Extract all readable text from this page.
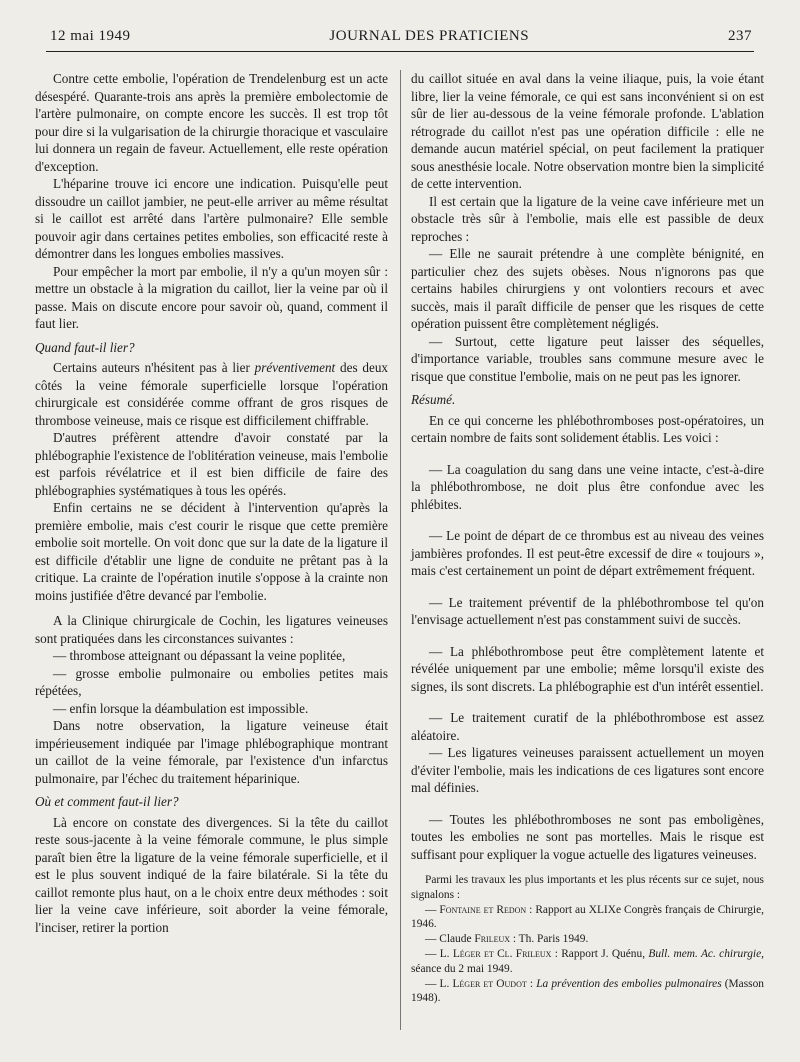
12 mai 1949	JOURNAL DES PRATICIENS	237

Contre cette embolie, l'opération de Trendelenburg est un acte désespéré. Quarante-trois ans après la première embolectomie de l'artère pulmonaire, on compte encore les succès. Il est trop tôt pour dire si la vulgarisation de la chirurgie thoracique et vasculaire lui donnera un regain de faveur. Actuellement, elle reste opération d'exception.

L'héparine trouve ici encore une indication. Puisqu'elle peut dissoudre un caillot jambier, ne peut-elle arriver au même résultat si le caillot est arrêté dans l'artère pulmonaire? Elle semble pouvoir agir dans certaines petites embolies, son efficacité reste à démontrer dans les longues embolies massives.

Pour empêcher la mort par embolie, il n'y a qu'un moyen sûr : mettre un obstacle à la migration du caillot, lier la veine par où il passe. Mais on discute encore pour savoir où, quand, comment il faut lier.

Quand faut-il lier?

Certains auteurs n'hésitent pas à lier préventivement des deux côtés la veine fémorale superficielle lorsque l'opération chirurgicale est considérée comme offrant de gros risques de thrombose veineuse, mais ce risque est difficilement chiffrable.

D'autres préfèrent attendre d'avoir constaté par la phlébographie l'existence de l'oblitération veineuse, mais l'embolie est parfois révélatrice et il est bien difficile de faire des phlébographies systématiques à tous les opérés.

Enfin certains ne se décident à l'intervention qu'après la première embolie, mais c'est courir le risque que cette première embolie soit mortelle. On voit donc que sur la date de la ligature il est difficile d'établir une ligne de conduite ne prêtant pas à la critique. La crainte de l'opération inutile s'oppose à la crainte non moins justifiée d'être devancé par l'embolie.

A la Clinique chirurgicale de Cochin, les ligatures veineuses sont pratiquées dans les circonstances suivantes :

— thrombose atteignant ou dépassant la veine poplitée,

— grosse embolie pulmonaire ou embolies petites mais répétées,

— enfin lorsque la déambulation est impossible.

Dans notre observation, la ligature veineuse était impérieusement indiquée par l'image phlébographique montrant un caillot de la veine fémorale, par l'existence d'un infarctus pulmonaire, par l'échec du traitement héparinique.

Où et comment faut-il lier?

Là encore on constate des divergences. Si la tête du caillot reste sous-jacente à la veine fémorale commune, le plus simple paraît bien être la ligature de la veine fémorale superficielle, et il est le plus souvent indiqué de la faire bilatérale. Si la tête du caillot remonte plus haut, on a le choix entre deux méthodes : soit lier la veine cave inférieure, soit aborder la veine fémorale, l'inciser, retirer la portion

du caillot située en aval dans la veine iliaque, puis, la voie étant libre, lier la veine fémorale, ce qui est sans inconvénient si on est sûr de lier au-dessous de la veine fémorale profonde. L'ablation rétrograde du caillot n'est pas une opération difficile : elle ne demande aucun matériel spécial, on peut facilement la pratiquer sous anesthésie locale. Notre observation montre bien la simplicité de cette intervention.

Il est certain que la ligature de la veine cave inférieure met un obstacle très sûr à l'embolie, mais elle est passible de deux reproches :

— Elle ne saurait prétendre à une complète bénignité, en particulier chez des sujets obèses. Nous n'ignorons pas que certains habiles chirurgiens y ont volontiers recours et avec succès, mais il paraît difficile de penser que les risques de cette opération puissent être complètement négligés.

— Surtout, cette ligature peut laisser des séquelles, d'importance variable, troubles sans commune mesure avec le risque que constitue l'embolie, mais on ne peut pas les ignorer.

Résumé.

En ce qui concerne les phlébothromboses post-opératoires, un certain nombre de faits sont solidement établis. Les voici :

— La coagulation du sang dans une veine intacte, c'est-à-dire la phlébothrombose, ne doit plus être confondue avec les phlébites.

— Le point de départ de ce thrombus est au niveau des veines jambières profondes. Il est peut-être excessif de dire « toujours », mais c'est certainement un point de départ extrêmement fréquent.

— Le traitement préventif de la phlébothrombose tel qu'on l'envisage actuellement n'est pas constamment suivi de succès.

— La phlébothrombose peut être complètement latente et révélée uniquement par une embolie; même lorsqu'il existe des signes, ils sont discrets. La phlébographie est d'un intérêt essentiel.

— Le traitement curatif de la phlébothrombose est assez aléatoire.

— Les ligatures veineuses paraissent actuellement un moyen d'éviter l'embolie, mais les indications de ces ligatures sont encore mal définies.

— Toutes les phlébothromboses ne sont pas emboligènes, toutes les embolies ne sont pas mortelles. Mais le risque est suffisant pour expliquer la vogue actuelle des ligatures veineuses.

Parmi les travaux les plus importants et les plus récents sur ce sujet, nous signalons :

— Fontaine et Redon : Rapport au XLIXe Congrès français de Chirurgie, 1946.

— Claude Frileux : Th. Paris 1949.

— L. Léger et Cl. Frileux : Rapport J. Quénu, Bull. mem. Ac. chirurgie, séance du 2 mai 1949.

— L. Léger et Oudot : La prévention des embolies pulmonaires (Masson 1948).
